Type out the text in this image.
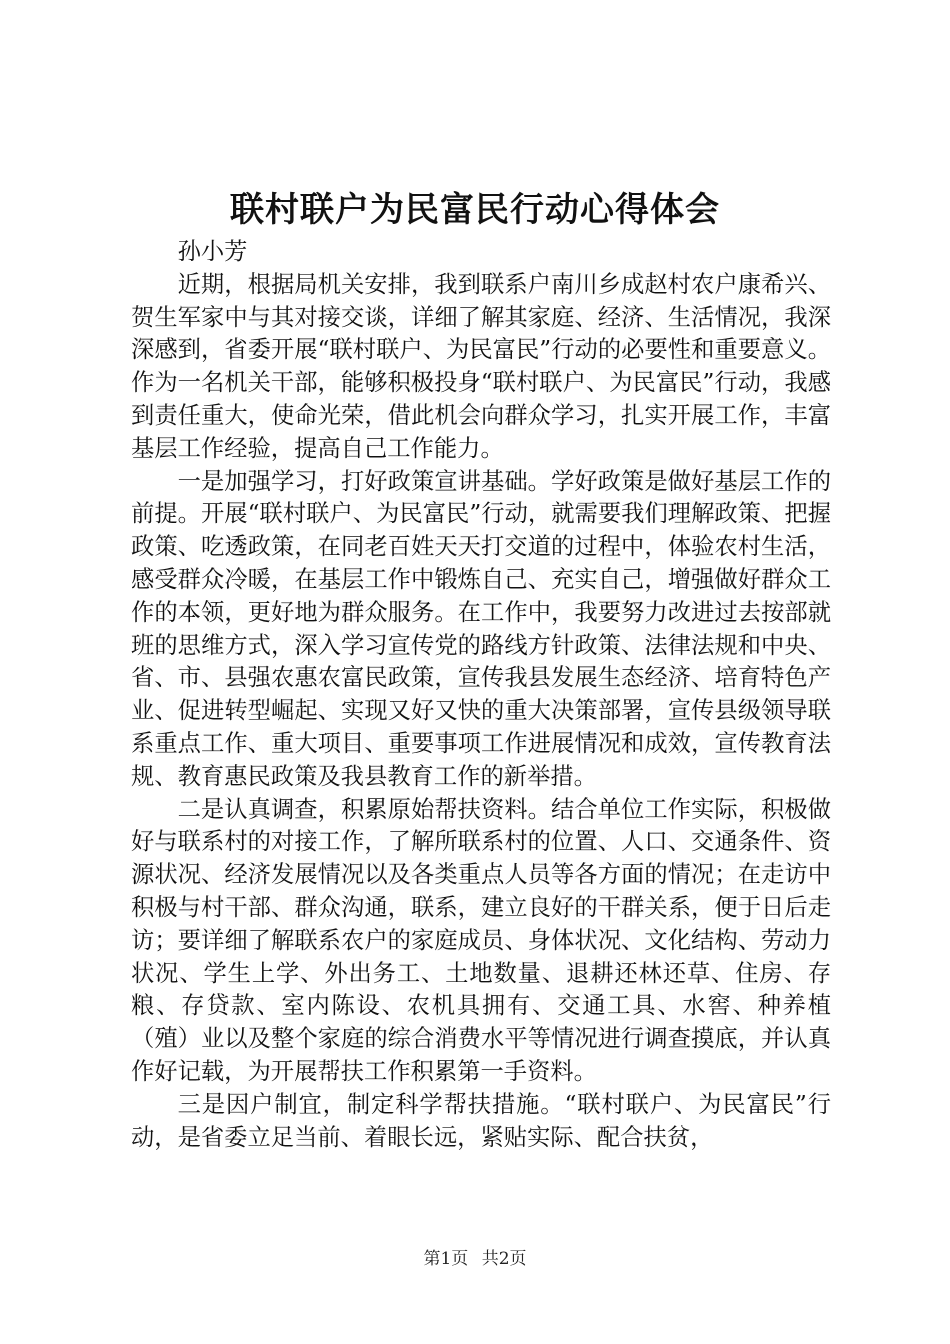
联村联户为民富民行动心得体会

孙小芳

近期，根据局机关安排，我到联系户南川乡成赵村农户康希兴、贺生军家中与其对接交谈，详细了解其家庭、经济、生活情况，我深深感到，省委开展“联村联户、为民富民”行动的必要性和重要意义。作为一名机关干部，能够积极投身“联村联户、为民富民”行动，我感到责任重大，使命光荣，借此机会向群众学习，扎实开展工作，丰富基层工作经验，提高自己工作能力。

一是加强学习，打好政策宣讲基础。学好政策是做好基层工作的前提。开展“联村联户、为民富民”行动，就需要我们理解政策、把握政策、吃透政策，在同老百姓天天打交道的过程中，体验农村生活，感受群众冷暖，在基层工作中锻炼自己、充实自己，增强做好群众工作的本领，更好地为群众服务。在工作中，我要努力改进过去按部就班的思维方式，深入学习宣传党的路线方针政策、法律法规和中央、省、市、县强农惠农富民政策，宣传我县发展生态经济、培育特色产业、促进转型崛起、实现又好又快的重大决策部署，宣传县级领导联系重点工作、重大项目、重要事项工作进展情况和成效，宣传教育法规、教育惠民政策及我县教育工作的新举措。

二是认真调查，积累原始帮扶资料。结合单位工作实际，积极做好与联系村的对接工作，了解所联系村的位置、人口、交通条件、资源状况、经济发展情况以及各类重点人员等各方面的情况；在走访中积极与村干部、群众沟通，联系，建立良好的干群关系，便于日后走访；要详细了解联系农户的家庭成员、身体状况、文化结构、劳动力状况、学生上学、外出务工、土地数量、退耕还林还草、住房、存粮、存贷款、室内陈设、农机具拥有、交通工具、水窖、种养植（殖）业以及整个家庭的综合消费水平等情况进行调查摸底，并认真作好记载，为开展帮扶工作积累第一手资料。

三是因户制宜，制定科学帮扶措施。“联村联户、为民富民”行动，是省委立足当前、着眼长远，紧贴实际、配合扶贫，

第1页 共2页
